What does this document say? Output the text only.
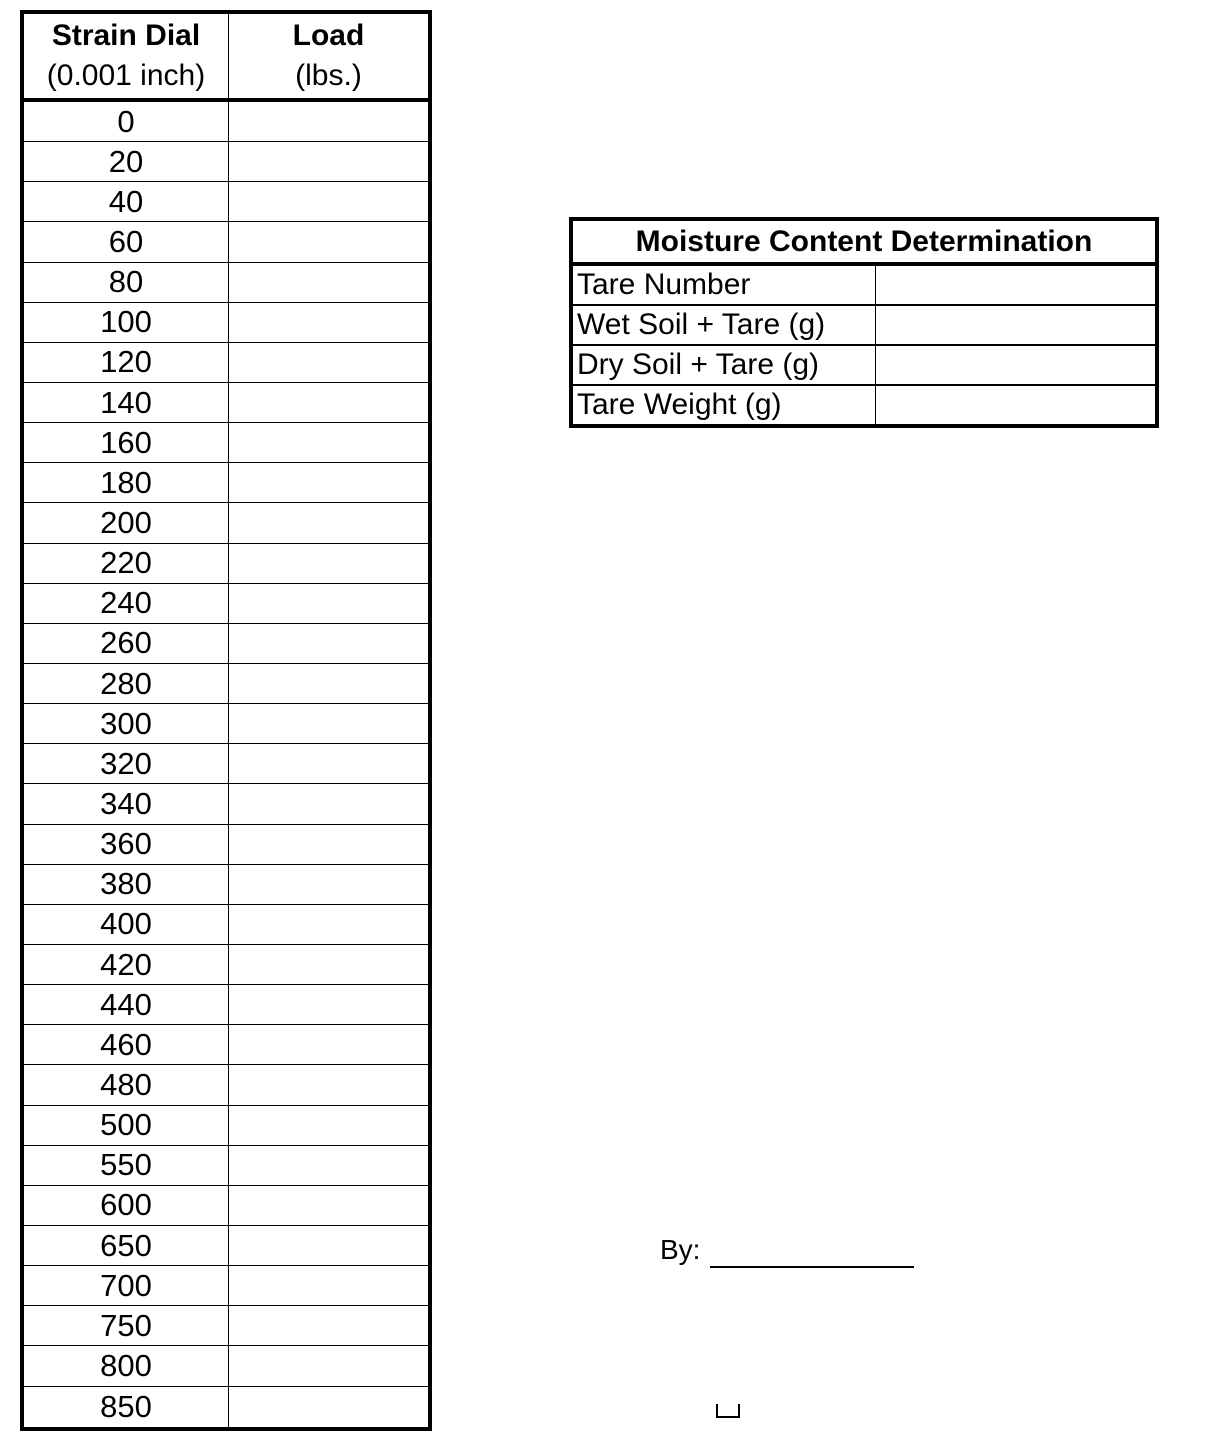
Strain Dial
(0.001 inch)
Load
(lbs.)
0
20
40
60
80
100
120
140
160
180
200
220
240
260
280
300
320
340
360
380
400
420
440
460
480
500
550
600
650
700
750
800
850
Moisture Content Determination
Tare Number
Wet Soil + Tare (g)
Dry Soil + Tare (g)
Tare Weight (g)
By:
